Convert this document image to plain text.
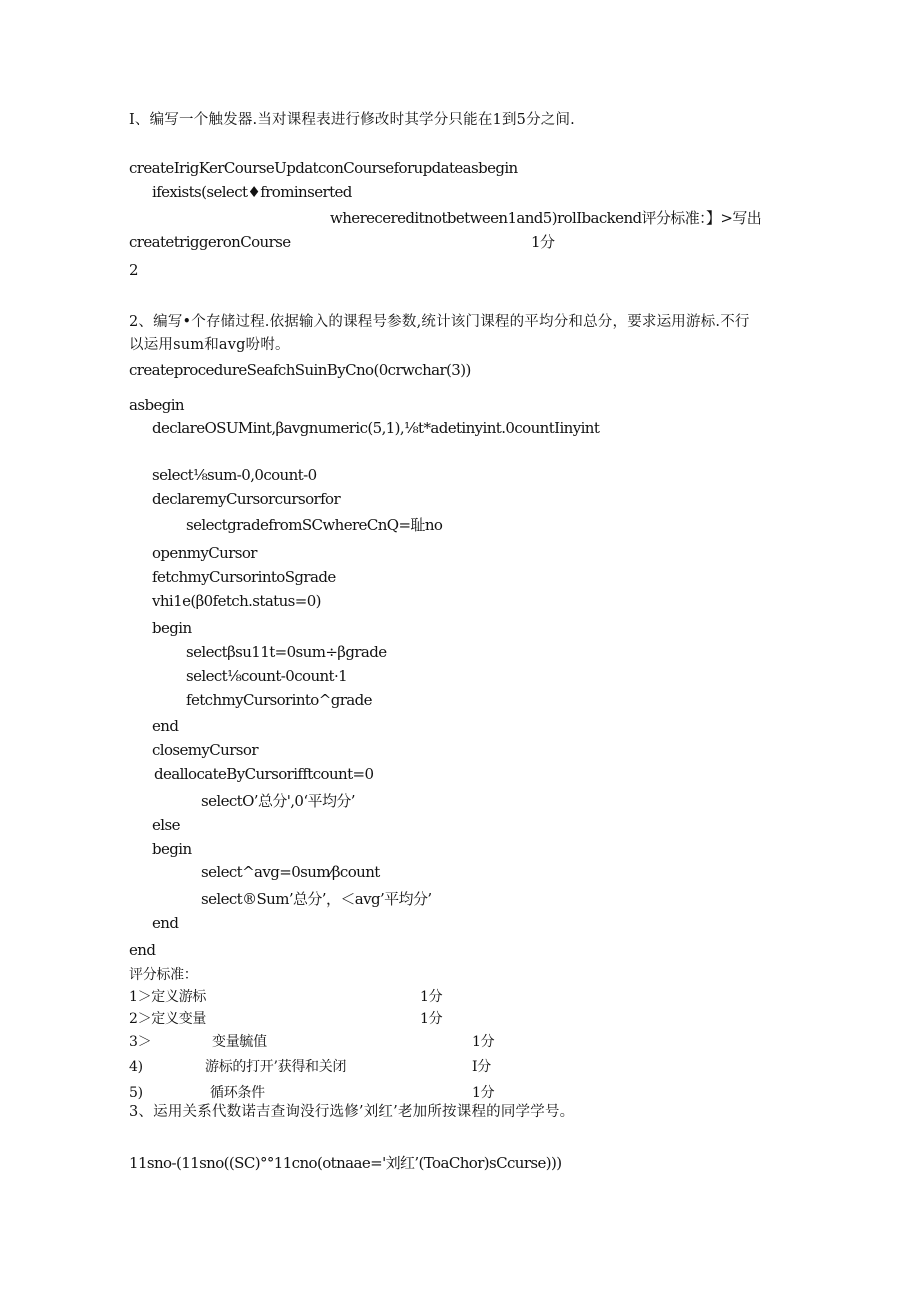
I、编写一个触发器.当对课程表进行修改时其学分只能在1到5分之间.
createIrigKerCourseUpdatconCourseforupdateasbegin
ifexists(select♦frominserted
wherecereditnotbetween1and5)rolIbackend评分标准：】>写出
createtriggeronCourse	1分
2
2、编写•个存储过程.依据输入的课程号参数,统计该门课程的平均分和总分，要求运用游标.不行
以运用sum和avg吩咐。
createprocedureSeafchSuinByCno(0crwchar(3))
asbegin
declareOSUMint,βavgnumeric(5,1),⅛t*adetinyint.0countIinyint
select⅛sum-0,0count-0
declaremyCursorcursorfor
selectgradefromSCwhereCnQ=耻no
openmyCursor
fetchmyCursorintoSgrade
vhi1e(β0fetch.status=0)
begin
selectβsu11t=0sum÷βgrade
select⅛count-0count·1
fetchmyCursorinto^grade
end
closemyCursor
deallocateByCursorifftcount=0
selectO’总分',0‘平均分’
else
begin
select^avg=0sum⁄βcount
select®Sum’总分’，＜avg’平均分’
end
end
评分标准：
1＞定义游标	1分
2＞定义变量	1分
3＞	变量毓值	1分
4)	游标的打开’获得和关闭	I分
5)	循环条件	1分
3、运用关系代数诺吉查询没行选修’刘红’老加所按课程的同学学号。
11sno-(11sno((SC)°°11cno(otnaae='刘红’(ToaChor)sCcurse)))
